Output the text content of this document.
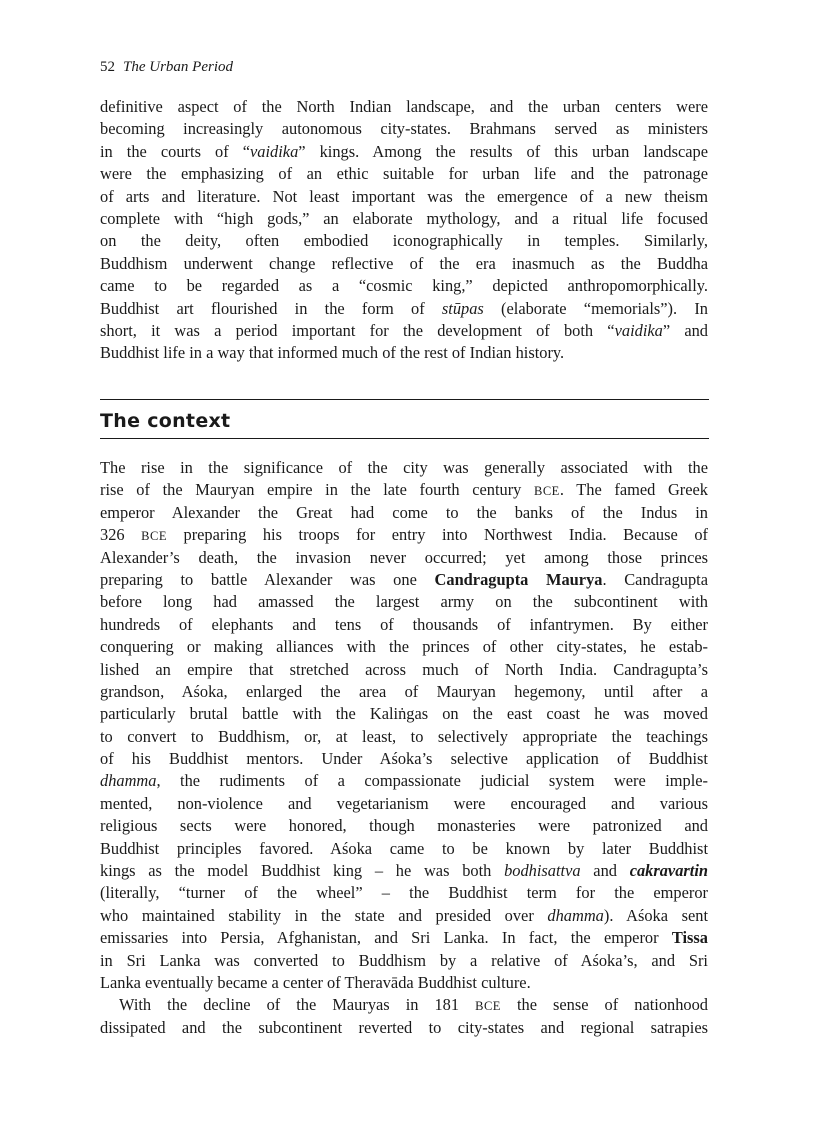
52 The Urban Period
definitive aspect of the North Indian landscape, and the urban centers were
becoming increasingly autonomous city-states. Brahmans served as ministers
in the courts of “vaidika” kings. Among the results of this urban landscape
were the emphasizing of an ethic suitable for urban life and the patronage
of arts and literature. Not least important was the emergence of a new theism
complete with “high gods,” an elaborate mythology, and a ritual life focused
on the deity, often embodied iconographically in temples. Similarly,
Buddhism underwent change reflective of the era inasmuch as the Buddha
came to be regarded as a “cosmic king,” depicted anthropomorphically.
Buddhist art flourished in the form of stūpas (elaborate “memorials”). In
short, it was a period important for the development of both “vaidika” and
Buddhist life in a way that informed much of the rest of Indian history.
The context
The rise in the significance of the city was generally associated with the
rise of the Mauryan empire in the late fourth century BCE. The famed Greek
emperor Alexander the Great had come to the banks of the Indus in
326 BCE preparing his troops for entry into Northwest India. Because of
Alexander’s death, the invasion never occurred; yet among those princes
preparing to battle Alexander was one Candragupta Maurya. Candragupta
before long had amassed the largest army on the subcontinent with
hundreds of elephants and tens of thousands of infantrymen. By either
conquering or making alliances with the princes of other city-states, he estab-
lished an empire that stretched across much of North India. Candragupta’s
grandson, Aśoka, enlarged the area of Mauryan hegemony, until after a
particularly brutal battle with the Kaliṅgas on the east coast he was moved
to convert to Buddhism, or, at least, to selectively appropriate the teachings
of his Buddhist mentors. Under Aśoka’s selective application of Buddhist
dhamma, the rudiments of a compassionate judicial system were imple-
mented, non-violence and vegetarianism were encouraged and various
religious sects were honored, though monasteries were patronized and
Buddhist principles favored. Aśoka came to be known by later Buddhist
kings as the model Buddhist king – he was both bodhisattva and cakravartin
(literally, “turner of the wheel” – the Buddhist term for the emperor
who maintained stability in the state and presided over dhamma). Aśoka sent
emissaries into Persia, Afghanistan, and Sri Lanka. In fact, the emperor Tissa
in Sri Lanka was converted to Buddhism by a relative of Aśoka’s, and Sri
Lanka eventually became a center of Theravāda Buddhist culture.
With the decline of the Mauryas in 181 BCE the sense of nationhood
dissipated and the subcontinent reverted to city-states and regional satrapies
